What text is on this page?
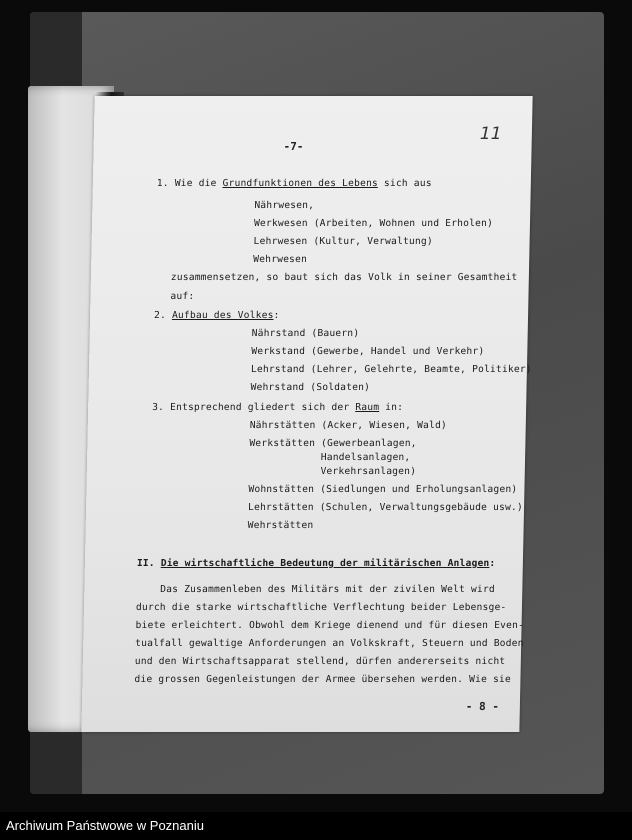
-7-
11
1. Wie die Grundfunktionen des Lebens sich aus
Nährwesen,
Werkwesen (Arbeiten, Wohnen und Erholen)
Lehrwesen (Kultur, Verwaltung)
Wehrwesen
zusammensetzen, so baut sich das Volk in seiner Gesamtheit
auf:
2. Aufbau des Volkes:
Nährstand (Bauern)
Werkstand (Gewerbe, Handel und Verkehr)
Lehrstand (Lehrer, Gelehrte, Beamte, Politiker)
Wehrstand (Soldaten)
3. Entsprechend gliedert sich der Raum in:
Nährstätten (Acker, Wiesen, Wald)
Werkstätten (Gewerbeanlagen,
Handelsanlagen,
Verkehrsanlagen)
Wohnstätten (Siedlungen und Erholungsanlagen)
Lehrstätten (Schulen, Verwaltungsgebäude usw.)
Wehrstätten
II. Die wirtschaftliche Bedeutung der militärischen Anlagen:
Das Zusammenleben des Militärs mit der zivilen Welt wird
durch die starke wirtschaftliche Verflechtung beider Lebensge-
biete erleichtert. Obwohl dem Kriege dienend und für diesen Even-
tualfall gewaltige Anforderungen an Volkskraft, Steuern und Boden
und den Wirtschaftsapparat stellend, dürfen andererseits nicht
die grossen Gegenleistungen der Armee übersehen werden. Wie sie
- 8 -
Archiwum Państwowe w Poznaniu
